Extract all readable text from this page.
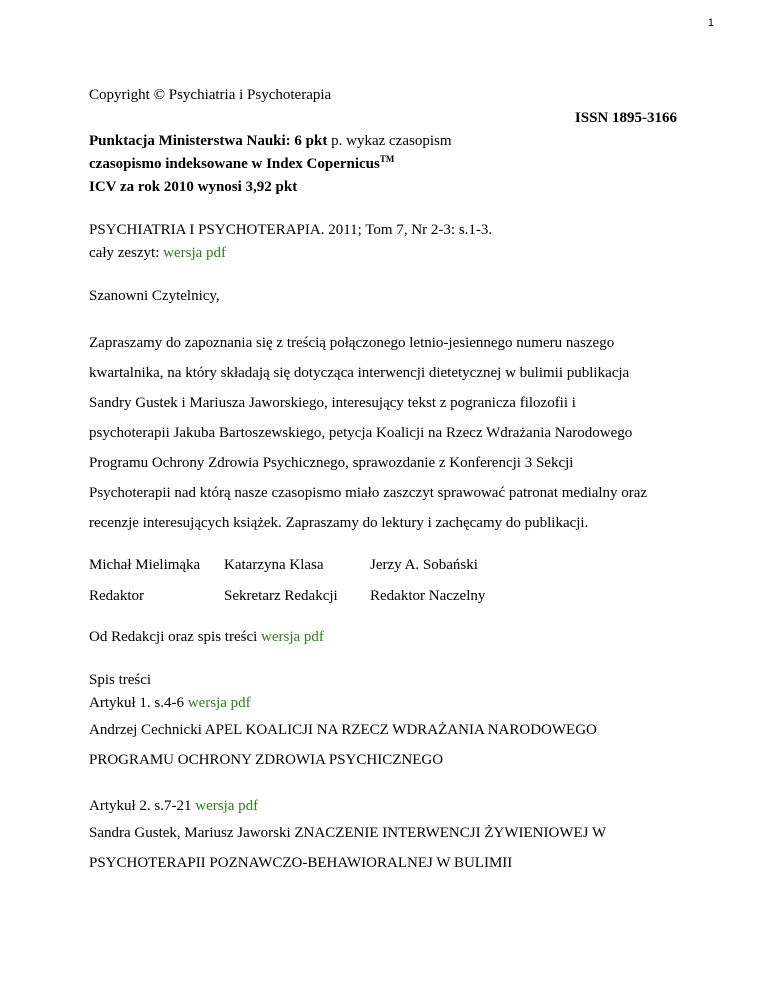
1
Copyright © Psychiatria i Psychoterapia
ISSN 1895-3166
Punktacja Ministerstwa Nauki: 6 pkt p. wykaz czasopism
czasopismo indeksowane w Index Copernicus™
ICV za rok 2010 wynosi 3,92 pkt
PSYCHIATRIA I PSYCHOTERAPIA. 2011; Tom 7, Nr 2-3: s.1-3.
cały zeszyt: wersja pdf
Szanowni Czytelnicy,
Zapraszamy do zapoznania się z treścią połączonego letnio-jesiennego numeru naszego
kwartalnika, na który składają się dotycząca interwencji dietetycznej w bulimii publikacja
Sandry Gustek i Mariusza Jaworskiego, interesujący tekst z pogranicza filozofii i
psychoterapii Jakuba Bartoszewskiego, petycja Koalicji na Rzecz Wdrażania Narodowego
Programu Ochrony Zdrowia Psychicznego, sprawozdanie z Konferencji 3 Sekcji
Psychoterapii nad którą nasze czasopismo miało zaszczyt sprawować patronat medialny oraz
recenzje interesujących książek. Zapraszamy do lektury i zachęcamy do publikacji.
Michał Mielimąka	Katarzyna Klasa	Jerzy A. Sobański
Redaktor	Sekretarz Redakcji	Redaktor Naczelny
Od Redakcji oraz spis treści wersja pdf
Spis treści
Artykuł 1. s.4-6 wersja pdf
Andrzej Cechnicki APEL KOALICJI NA RZECZ WDRAŻANIA NARODOWEGO
PROGRAMU OCHRONY ZDROWIA PSYCHICZNEGO
Artykuł 2. s.7-21 wersja pdf
Sandra Gustek, Mariusz Jaworski ZNACZENIE INTERWENCJI ŻYWIENIOWEJ W
PSYCHOTERAPII POZNAWCZO-BEHAWIORALNEJ W BULIMII
